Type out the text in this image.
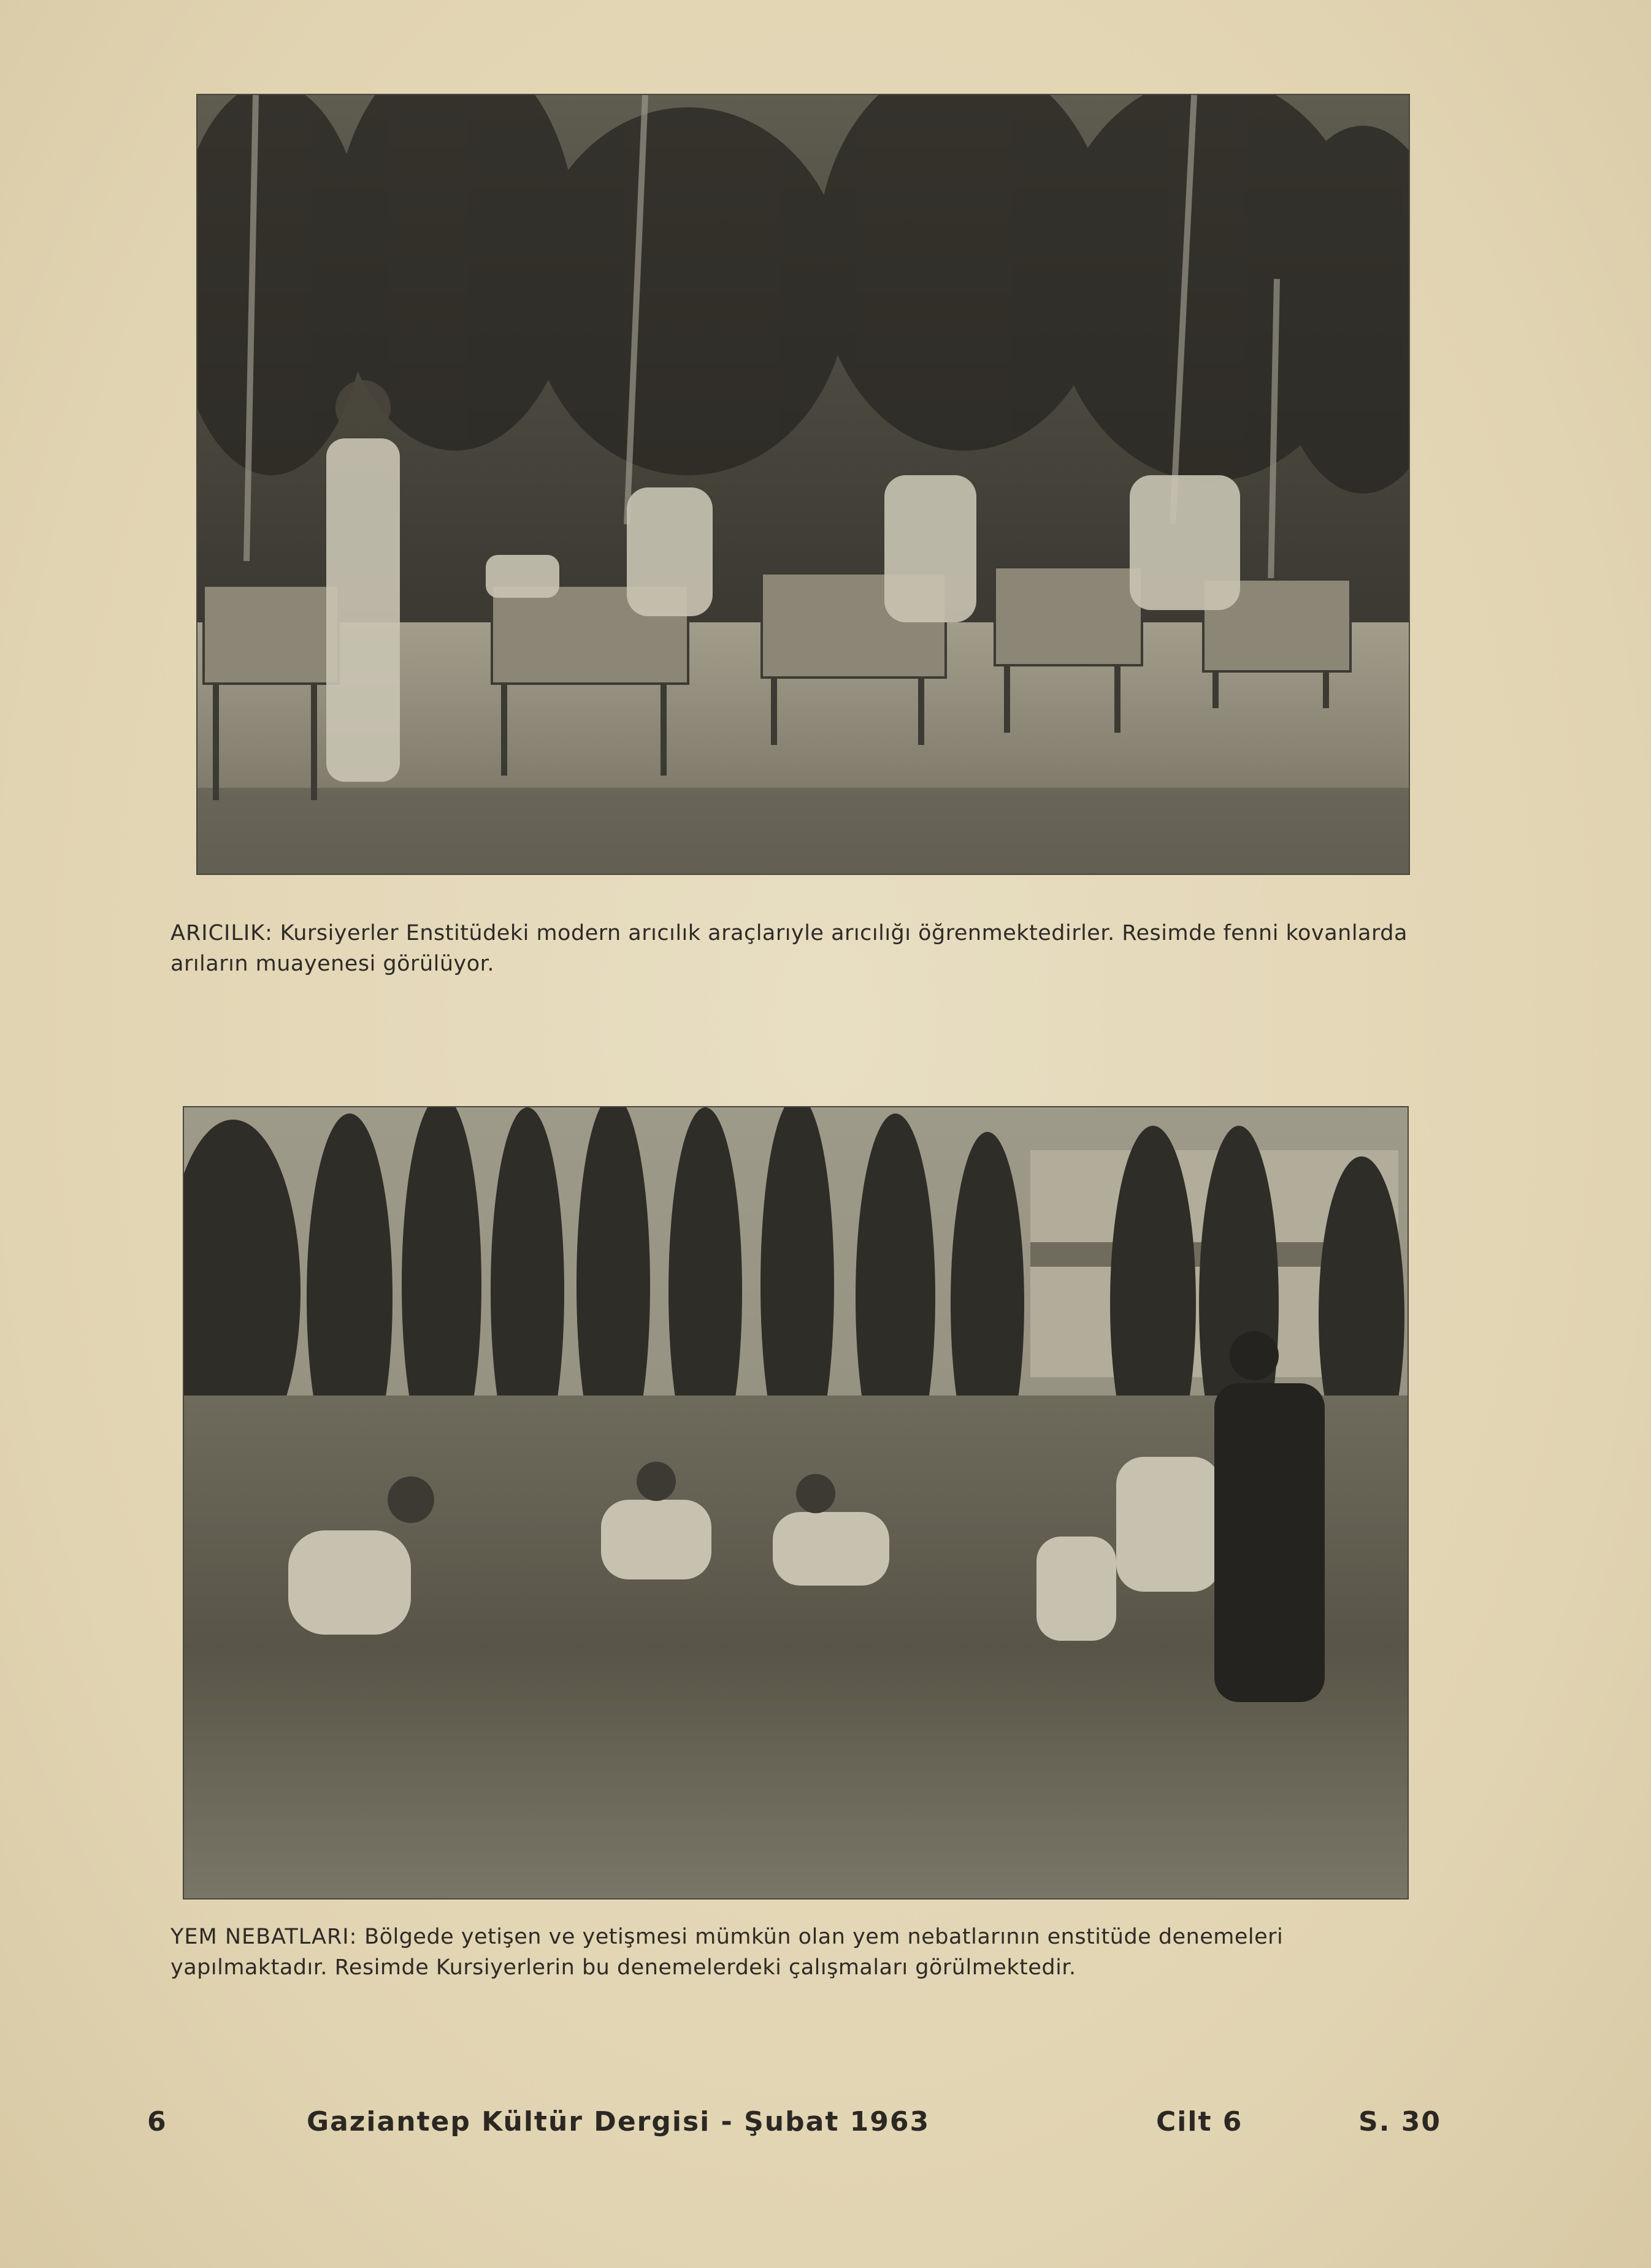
ARICILIK: Kursiyerler Enstitüdeki modern arıcılık araçlarıyle arıcılığı öğrenmektedirler. Resimde fenni kovanlarda arıların muayenesi görülüyor.

YEM NEBATLARI: Bölgede yetişen ve yetişmesi mümkün olan yem nebatlarının enstitüde denemeleri yapılmaktadır. Resimde Kursiyerlerin bu denemelerdeki çalışmaları görülmektedir.

6	Gaziantep Kültür Dergisi - Şubat 1963	Cilt 6	S. 30
